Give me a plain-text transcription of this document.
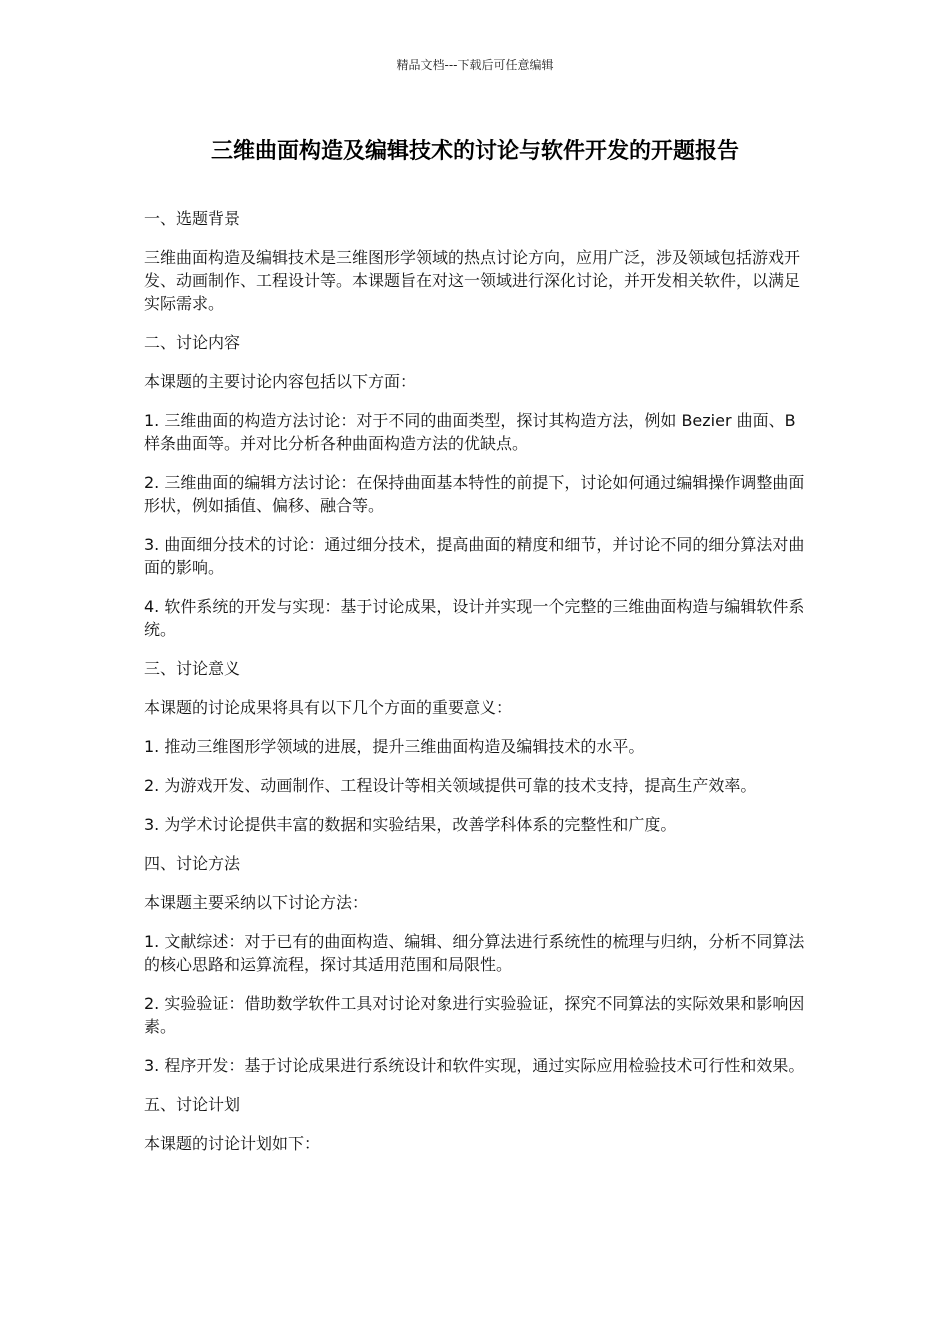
精品文档---下载后可任意编辑
三维曲面构造及编辑技术的讨论与软件开发的开题报告

一、选题背景

三维曲面构造及编辑技术是三维图形学领域的热点讨论方向，应用广泛，涉及领域包括游戏开发、动画制作、工程设计等。本课题旨在对这一领域进行深化讨论，并开发相关软件，以满足实际需求。

二、讨论内容

本课题的主要讨论内容包括以下方面：

1. 三维曲面的构造方法讨论：对于不同的曲面类型，探讨其构造方法，例如 Bezier 曲面、B 样条曲面等。并对比分析各种曲面构造方法的优缺点。

2. 三维曲面的编辑方法讨论：在保持曲面基本特性的前提下，讨论如何通过编辑操作调整曲面形状，例如插值、偏移、融合等。

3. 曲面细分技术的讨论：通过细分技术，提高曲面的精度和细节，并讨论不同的细分算法对曲面的影响。

4. 软件系统的开发与实现：基于讨论成果，设计并实现一个完整的三维曲面构造与编辑软件系统。

三、讨论意义

本课题的讨论成果将具有以下几个方面的重要意义：

1. 推动三维图形学领域的进展，提升三维曲面构造及编辑技术的水平。

2. 为游戏开发、动画制作、工程设计等相关领域提供可靠的技术支持，提高生产效率。

3. 为学术讨论提供丰富的数据和实验结果，改善学科体系的完整性和广度。

四、讨论方法

本课题主要采纳以下讨论方法：

1. 文献综述：对于已有的曲面构造、编辑、细分算法进行系统性的梳理与归纳，分析不同算法的核心思路和运算流程，探讨其适用范围和局限性。

2. 实验验证：借助数学软件工具对讨论对象进行实验验证，探究不同算法的实际效果和影响因素。

3. 程序开发：基于讨论成果进行系统设计和软件实现，通过实际应用检验技术可行性和效果。

五、讨论计划

本课题的讨论计划如下：
